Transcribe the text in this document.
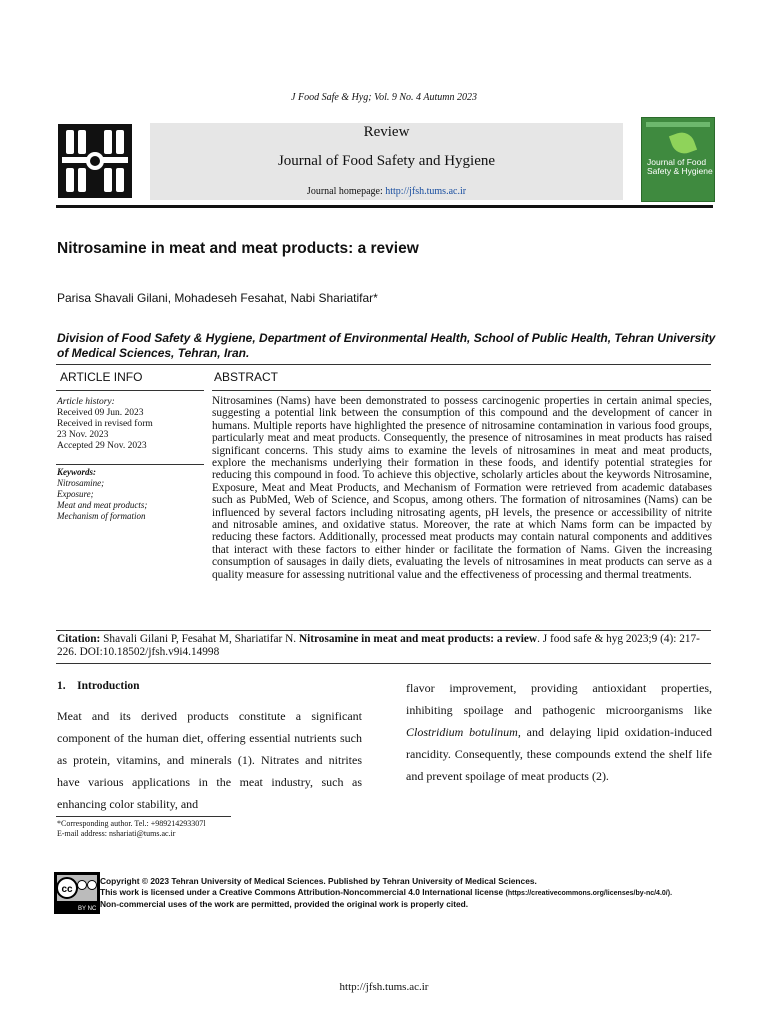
J Food Safe & Hyg; Vol. 9 No. 4 Autumn 2023
Review
Journal of Food Safety and Hygiene
Journal homepage: http://jfsh.tums.ac.ir
Journal of Food Safety & Hygiene
Nitrosamine in meat and meat products: a review
Parisa Shavali Gilani, Mohadeseh Fesahat, Nabi Shariatifar*
Division of Food Safety & Hygiene, Department of Environmental Health, School of Public Health, Tehran University of Medical Sciences, Tehran, Iran.
ARTICLE INFO	ABSTRACT
Article history:
Received 09 Jun. 2023
Received in revised form
23 Nov. 2023
Accepted 29 Nov. 2023
Keywords:
Nitrosamine;
Exposure;
Meat and meat products;
Mechanism of formation
Nitrosamines (Nams) have been demonstrated to possess carcinogenic properties in certain animal species, suggesting a potential link between the consumption of this compound and the development of cancer in humans. Multiple reports have highlighted the presence of nitrosamine contamination in various food groups, particularly meat and meat products. Consequently, the presence of nitrosamines in meat products has raised significant concerns. This study aims to examine the levels of nitrosamines in meat and meat products, explore the mechanisms underlying their formation in these foods, and identify potential strategies for reducing this compound in food. To achieve this objective, scholarly articles about the keywords Nitrosamine, Exposure, Meat and Meat Products, and Mechanism of Formation were retrieved from academic databases such as PubMed, Web of Science, and Scopus, among others. The formation of nitrosamines (Nams) can be influenced by several factors including nitrosating agents, pH levels, the presence or accessibility of nitrite and nitrosable amines, and oxidative status. Moreover, the rate at which Nams form can be impacted by reducing these factors. Additionally, processed meat products may contain natural components and additives that interact with these factors to either hinder or facilitate the formation of Nams. Given the increasing consumption of sausages in daily diets, evaluating the levels of nitrosamines in meat products can serve as a quality measure for assessing nutritional value and the effectiveness of processing and thermal treatments.
Citation: Shavali Gilani P, Fesahat M, Shariatifar N. Nitrosamine in meat and meat products: a review. J food safe & hyg 2023;9 (4): 217-226. DOI:10.18502/jfsh.v9i4.14998
1.    Introduction
Meat and its derived products constitute a significant component of the human diet, offering essential nutrients such as protein, vitamins, and minerals (1). Nitrates and nitrites have various applications in the meat industry, such as enhancing color stability, and
flavor improvement, providing antioxidant properties, inhibiting spoilage and pathogenic microorganisms like Clostridium botulinum, and delaying lipid oxidation-induced rancidity. Consequently, these compounds extend the shelf life and prevent spoilage of meat products (2).
*Corresponding author. Tel.: +989214293307l
E-mail address: nshariati@tums.ac.ir
cc
BY NC
Copyright © 2023 Tehran University of Medical Sciences. Published by Tehran University of Medical Sciences.
This work is licensed under a Creative Commons Attribution-Noncommercial 4.0 International license (https://creativecommons.org/licenses/by-nc/4.0/).
Non-commercial uses of the work are permitted, provided the original work is properly cited.
http://jfsh.tums.ac.ir
